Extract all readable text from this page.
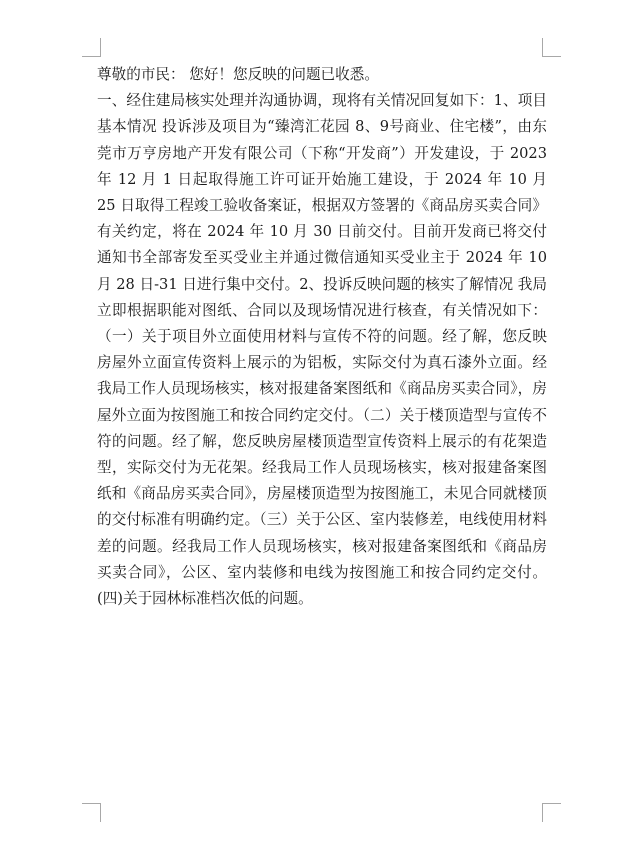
尊敬的市民： 您好！您反映的问题已收悉。

一、经住建局核实处理并沟通协调，现将有关情况回复如下：1、项目基本情况 投诉涉及项目为“臻湾汇花园 8、9号商业、住宅楼”，由东莞市万亨房地产开发有限公司（下称“开发商”）开发建设，于 2023 年 12 月 1 日起取得施工许可证开始施工建设，于 2024 年 10 月 25 日取得工程竣工验收备案证，根据双方签署的《商品房买卖合同》有关约定，将在 2024 年 10 月 30 日前交付。目前开发商已将交付通知书全部寄发至买受业主并通过微信通知买受业主于 2024 年 10 月 28 日-31 日进行集中交付。2、投诉反映问题的核实了解情况 我局立即根据职能对图纸、合同以及现场情况进行核查，有关情况如下：（一）关于项目外立面使用材料与宣传不符的问题。经了解，您反映房屋外立面宣传资料上展示的为铝板，实际交付为真石漆外立面。经我局工作人员现场核实，核对报建备案图纸和《商品房买卖合同》，房屋外立面为按图施工和按合同约定交付。（二）关于楼顶造型与宣传不符的问题。经了解，您反映房屋楼顶造型宣传资料上展示的有花架造型，实际交付为无花架。经我局工作人员现场核实，核对报建备案图纸和《商品房买卖合同》，房屋楼顶造型为按图施工，未见合同就楼顶的交付标准有明确约定。（三）关于公区、室内装修差，电线使用材料差的问题。经我局工作人员现场核实，核对报建备案图纸和《商品房买卖合同》，公区、室内装修和电线为按图施工和按合同约定交付。(四)关于园林标准档次低的问题。
